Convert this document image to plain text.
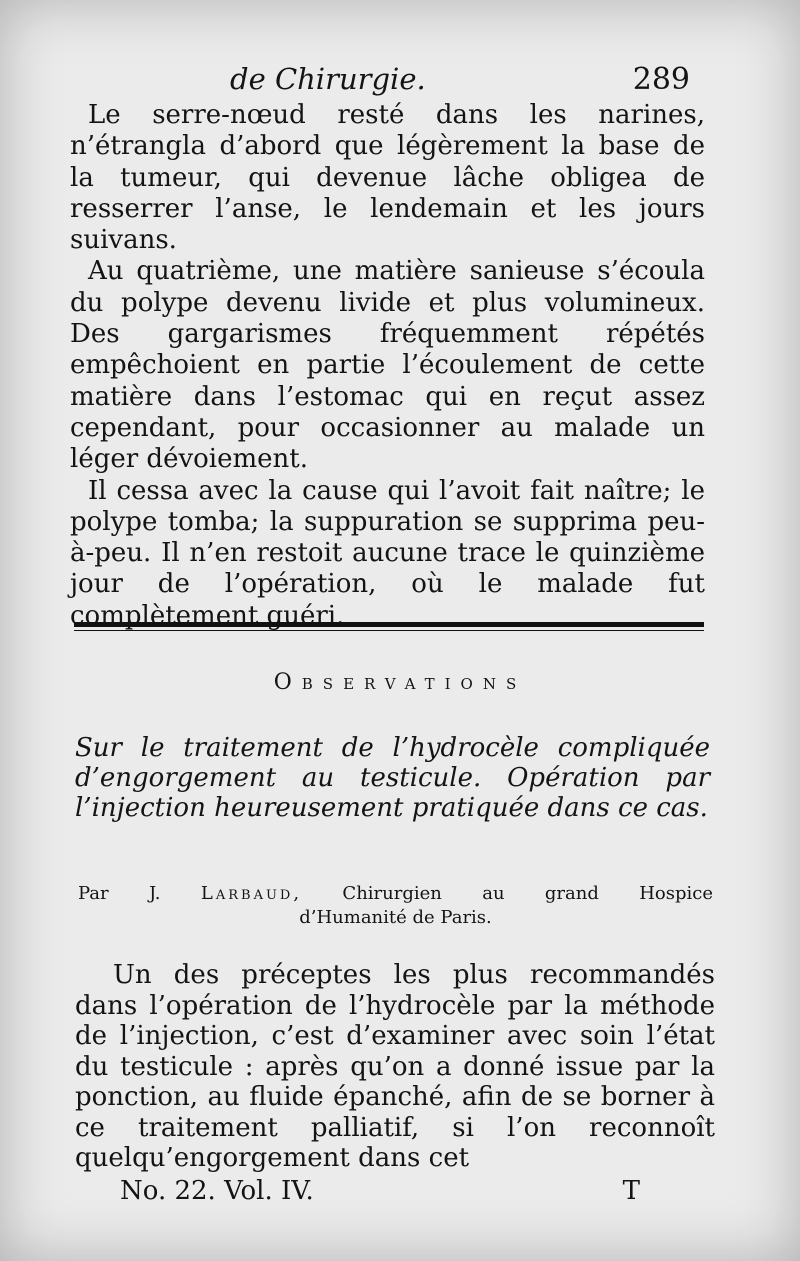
de Chirurgie.	289

Le serre-nœud resté dans les narines, n’étrangla d’abord que légèrement la base de la tumeur, qui devenue lâche obligea de resserrer l’anse, le lendemain et les jours suivans.

Au quatrième, une matière sanieuse s’écoula du polype devenu livide et plus volumineux. Des gargarismes fréquemment répétés empêchoient en partie l’écoulement de cette matière dans l’estomac qui en reçut assez cependant, pour occasionner au malade un léger dévoiement.

Il cessa avec la cause qui l’avoit fait naître; le polype tomba; la suppuration se supprima peu-à-peu. Il n’en restoit aucune trace le quinzième jour de l’opération, où le malade fut complètement guéri.

Observations

Sur le traitement de l’hydrocèle compliquée d’engorgement au testicule. Opération par l’injection heureusement pratiquée dans ce cas.

Par J. Larbaud, Chirurgien au grand Hospice
d’Humanité de Paris.

Un des préceptes les plus recommandés dans l’opération de l’hydrocèle par la méthode de l’injection, c’est d’examiner avec soin l’état du testicule : après qu’on a donné issue par la ponction, au fluide épanché, afin de se borner à ce traitement palliatif, si l’on reconnoît quelqu’engorgement dans cet

No. 22. Vol. IV.	T
